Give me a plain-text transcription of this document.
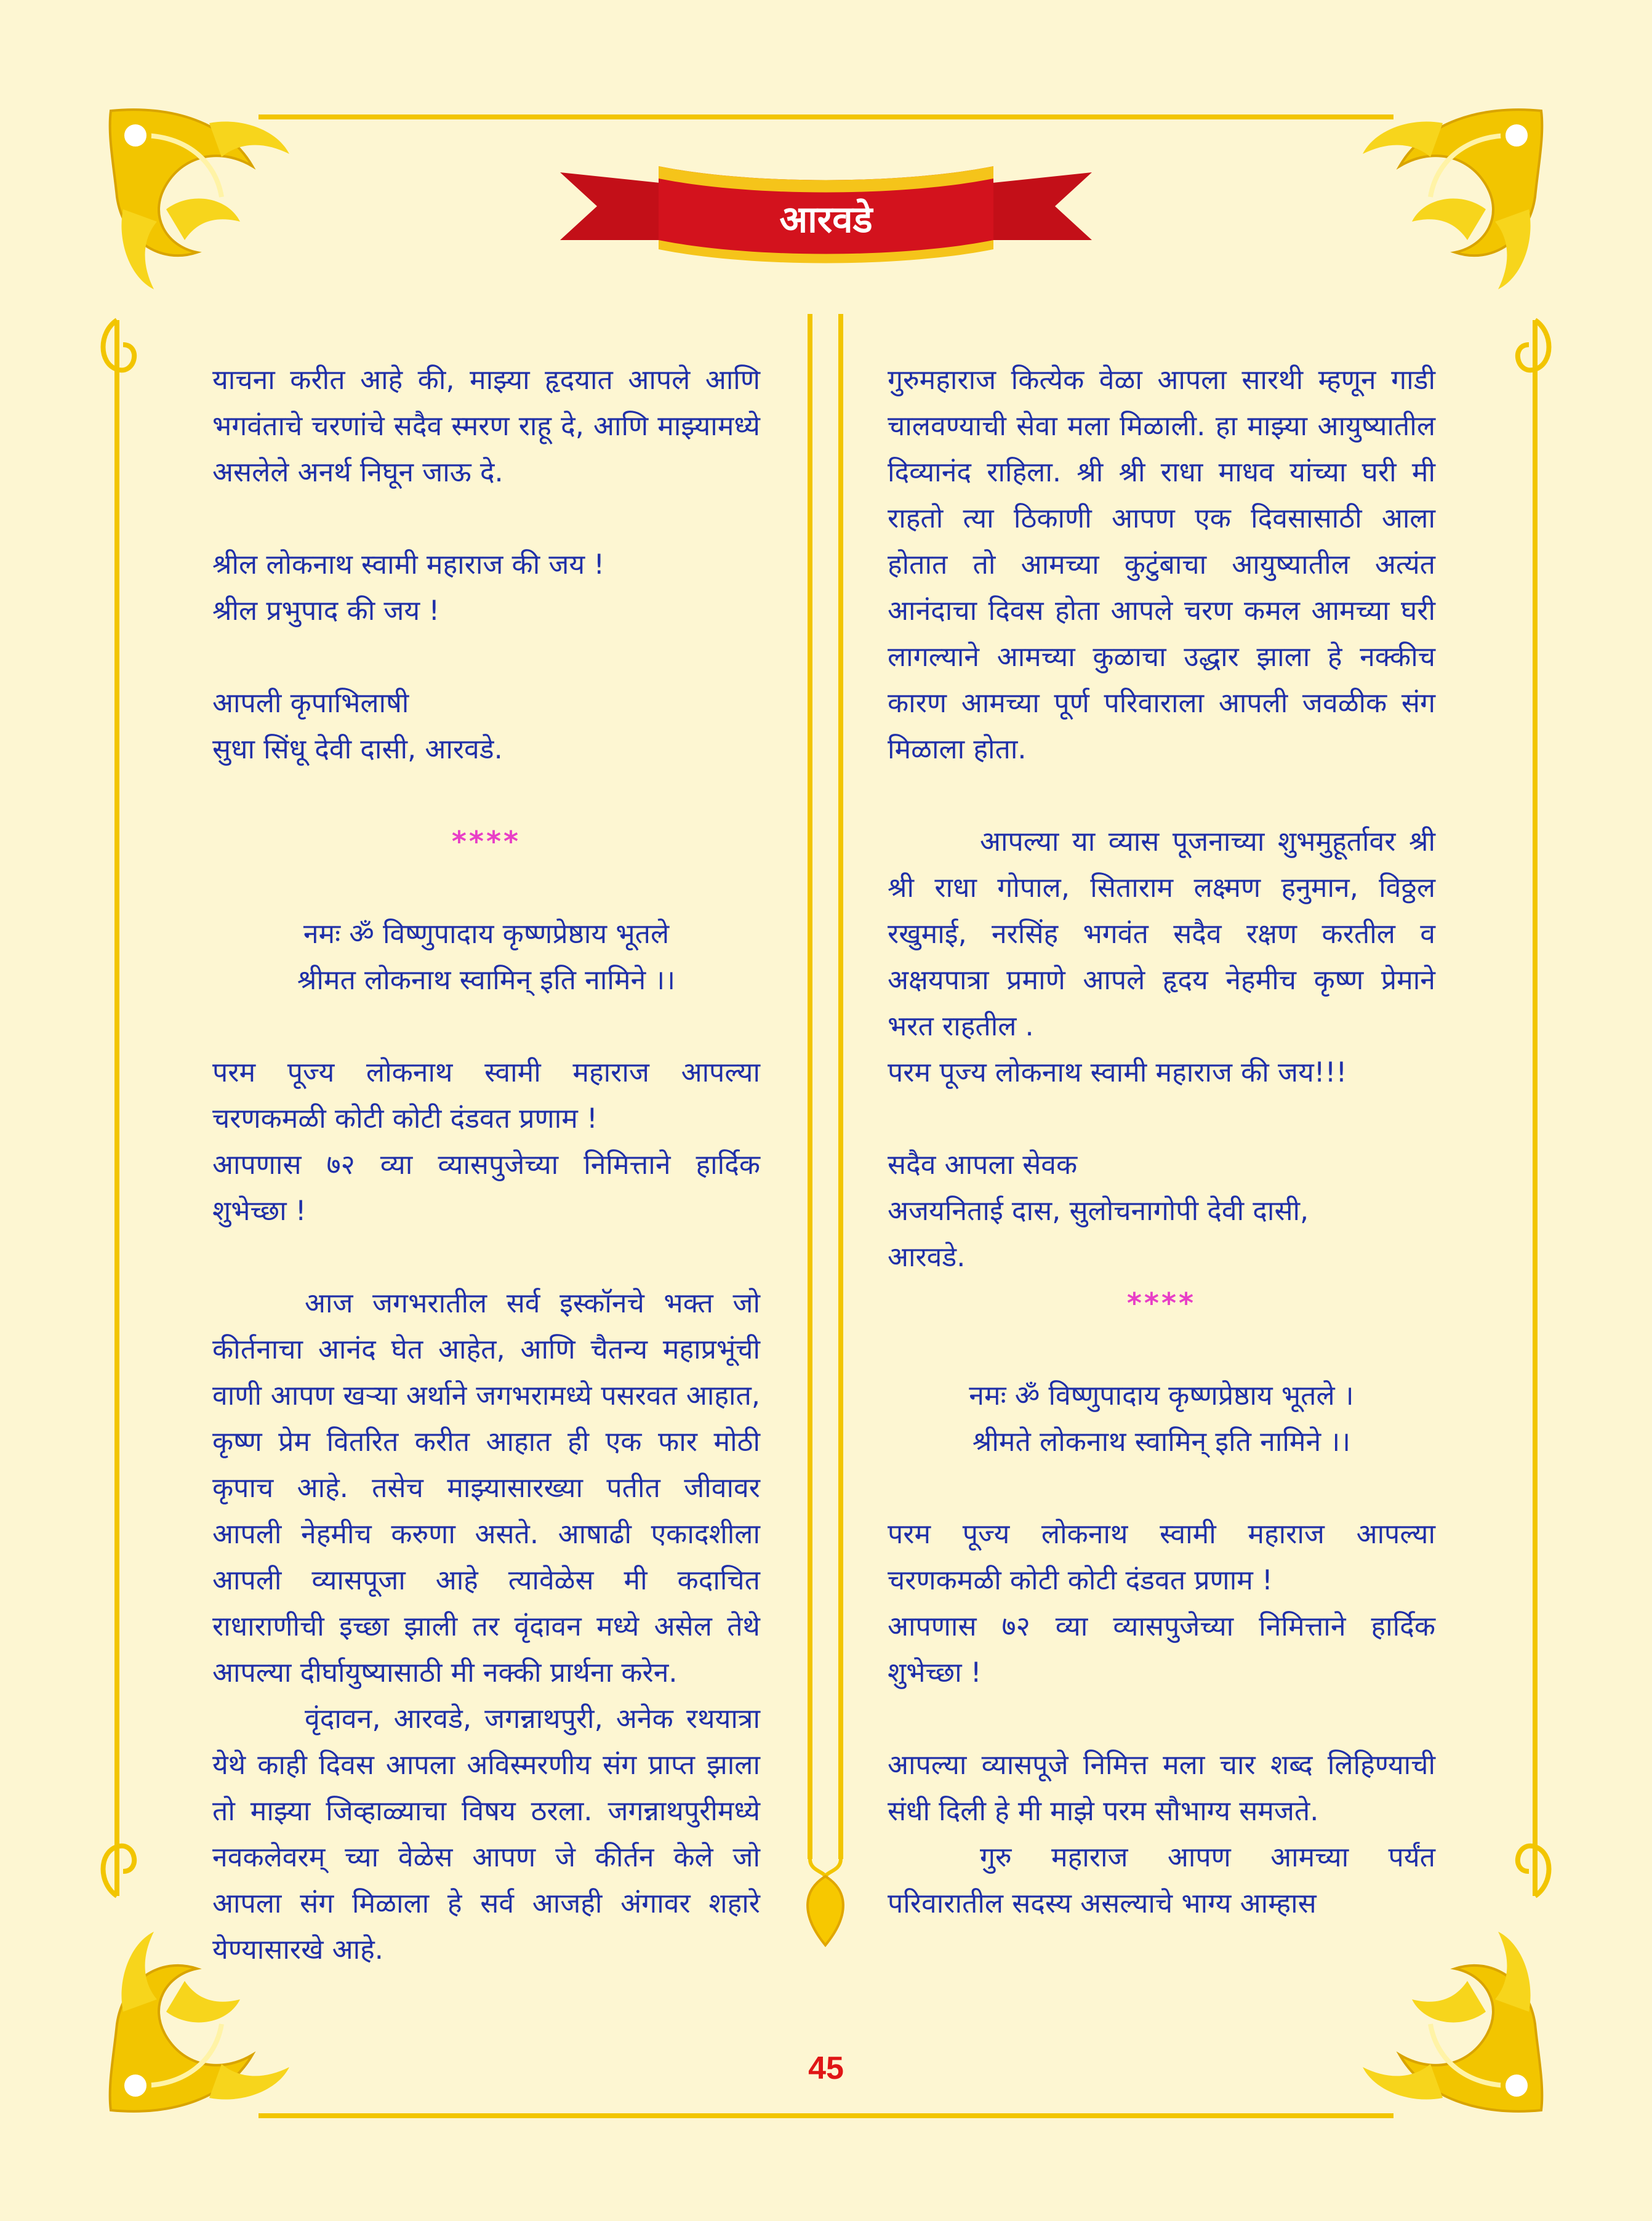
आरवडे

याचना करीत आहे की, माझ्या हृदयात आपले आणि भगवंताचे चरणांचे सदैव स्मरण राहू दे, आणि माझ्यामध्ये असलेले अनर्थ निघून जाऊ दे.

श्रील लोकनाथ स्वामी महाराज की जय !

श्रील प्रभुपाद की जय !

आपली कृपाभिलाषी

सुधा सिंधू देवी दासी, आरवडे.

****

नमः ॐ विष्णुपादाय कृष्णप्रेष्ठाय भूतले

श्रीमत लोकनाथ स्वामिन् इति नामिने ।।

परम पूज्य लोकनाथ स्वामी महाराज आपल्या चरणकमळी कोटी कोटी दंडवत प्रणाम !

आपणास ७२ व्या व्यासपुजेच्या निमित्ताने हार्दिक शुभेच्छा !

आज जगभरातील सर्व इस्कॉनचे भक्त जो कीर्तनाचा आनंद घेत आहेत, आणि चैतन्य महाप्रभूंची वाणी आपण खऱ्या अर्थाने जगभरामध्ये पसरवत आहात, कृष्ण प्रेम वितरित करीत आहात ही एक फार मोठी कृपाच आहे. तसेच माझ्यासारख्या पतीत जीवावर आपली नेहमीच करुणा असते. आषाढी एकादशीला आपली व्यासपूजा आहे त्यावेळेस मी कदाचित राधाराणीची इच्छा झाली तर वृंदावन मध्ये असेल तेथे आपल्या दीर्घायुष्यासाठी मी नक्की प्रार्थना करेन.

वृंदावन, आरवडे, जगन्नाथपुरी, अनेक रथयात्रा येथे काही दिवस आपला अविस्मरणीय संग प्राप्त झाला तो माझ्या जिव्हाळ्याचा विषय ठरला. जगन्नाथपुरीमध्ये नवकलेवरम् च्या वेळेस आपण जे कीर्तन केले जो आपला संग मिळाला हे सर्व आजही अंगावर शहारे येण्यासारखे आहे.

गुरुमहाराज कित्येक वेळा आपला सारथी म्हणून गाडी चालवण्याची सेवा मला मिळाली. हा माझ्या आयुष्यातील दिव्यानंद राहिला. श्री श्री राधा माधव यांच्या घरी मी राहतो त्या ठिकाणी आपण एक दिवसासाठी आला होतात तो आमच्या कुटुंबाचा आयुष्यातील अत्यंत आनंदाचा दिवस होता आपले चरण कमल आमच्या घरी लागल्याने आमच्या कुळाचा उद्धार झाला हे नक्कीच कारण आमच्या पूर्ण परिवाराला आपली जवळीक संग मिळाला होता.

आपल्या या व्यास पूजनाच्या शुभमुहूर्तावर श्री श्री राधा गोपाल, सिताराम लक्ष्मण हनुमान, विठ्ठल रखुमाई, नरसिंह भगवंत सदैव रक्षण करतील व अक्षयपात्रा प्रमाणे आपले हृदय नेहमीच कृष्ण प्रेमाने भरत राहतील .

परम पूज्य लोकनाथ स्वामी महाराज की जय!!!

सदैव आपला सेवक

अजयनिताई दास, सुलोचनागोपी देवी दासी,

आरवडे.

****

नमः ॐ विष्णुपादाय कृष्णप्रेष्ठाय भूतले ।

श्रीमते लोकनाथ स्वामिन् इति नामिने ।।

परम पूज्य लोकनाथ स्वामी महाराज आपल्या चरणकमळी कोटी कोटी दंडवत प्रणाम !

आपणास ७२ व्या व्यासपुजेच्या निमित्ताने हार्दिक शुभेच्छा !

आपल्या व्यासपूजे निमित्त मला चार शब्द लिहिण्याची संधी दिली हे मी माझे परम सौभाग्य समजते.

गुरु महाराज आपण आमच्या पर्यंत परिवारातील सदस्य असल्याचे भाग्य आम्हास

45
